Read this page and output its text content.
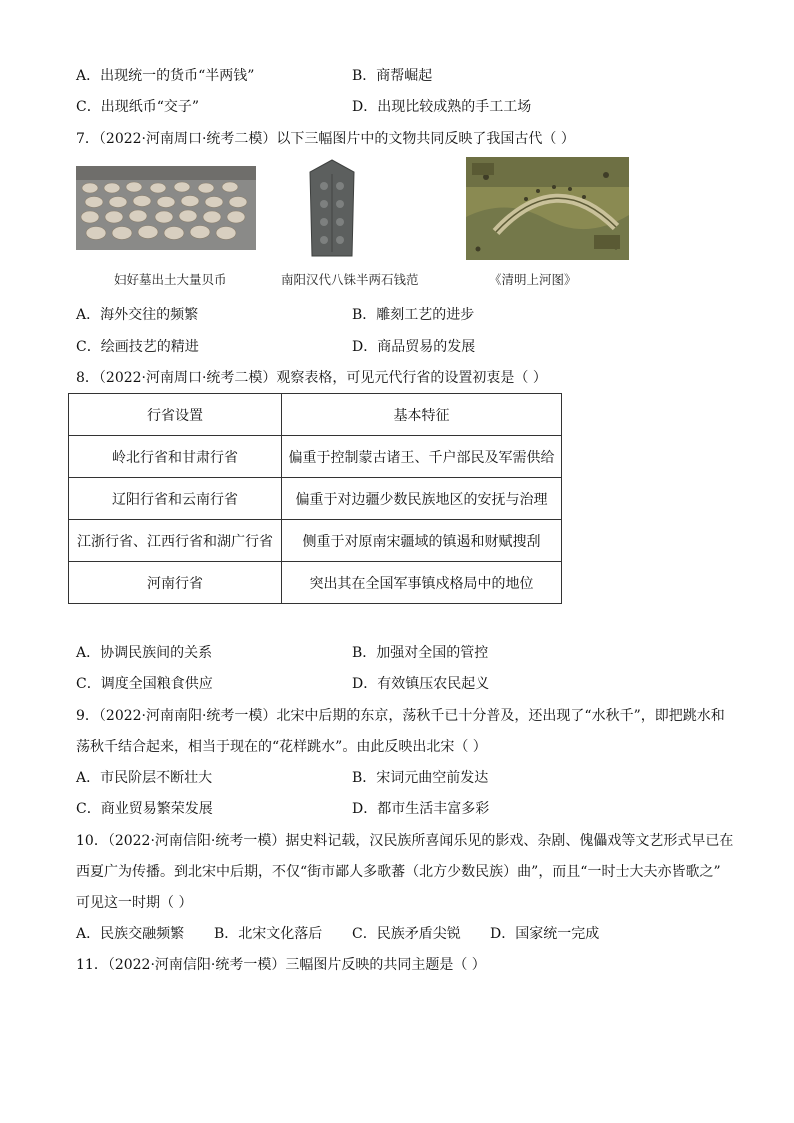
A．出现统一的货币“半两钱”	B．商帮崛起
C．出现纸币“交子”	D．出现比较成熟的手工工场
7．（2022·河南周口·统考二模）以下三幅图片中的文物共同反映了我国古代（ ）
妇好墓出土大量贝币	南阳汉代八铢半两石钱范	《清明上河图》
A．海外交往的频繁	B．雕刻工艺的进步
C．绘画技艺的精进	D．商品贸易的发展
8．（2022·河南周口·统考二模）观察表格，可见元代行省的设置初衷是（ ）
行省设置	基本特征
岭北行省和甘肃行省	偏重于控制蒙古诸王、千户部民及军需供给
辽阳行省和云南行省	偏重于对边疆少数民族地区的安抚与治理
江浙行省、江西行省和湖广行省	侧重于对原南宋疆域的镇遏和财赋搜刮
河南行省	突出其在全国军事镇戍格局中的地位
A．协调民族间的关系	B．加强对全国的管控
C．调度全国粮食供应	D．有效镇压农民起义
9．（2022·河南南阳·统考一模）北宋中后期的东京，荡秋千已十分普及，还出现了“水秋千”，即把跳水和
荡秋千结合起来，相当于现在的“花样跳水”。由此反映出北宋（ ）
A．市民阶层不断壮大	B．宋词元曲空前发达
C．商业贸易繁荣发展	D．都市生活丰富多彩
10．（2022·河南信阳·统考一模）据史料记载，汉民族所喜闻乐见的影戏、杂剧、傀儡戏等文艺形式早已在
西夏广为传播。到北宋中后期，不仅“街市鄙人多歌蕃（北方少数民族）曲”，而且“一时士大夫亦皆歌之”
可见这一时期（ ）
A．民族交融频繁 B．北宋文化落后 C．民族矛盾尖锐 D．国家统一完成
11．（2022·河南信阳·统考一模）三幅图片反映的共同主题是（ ）
